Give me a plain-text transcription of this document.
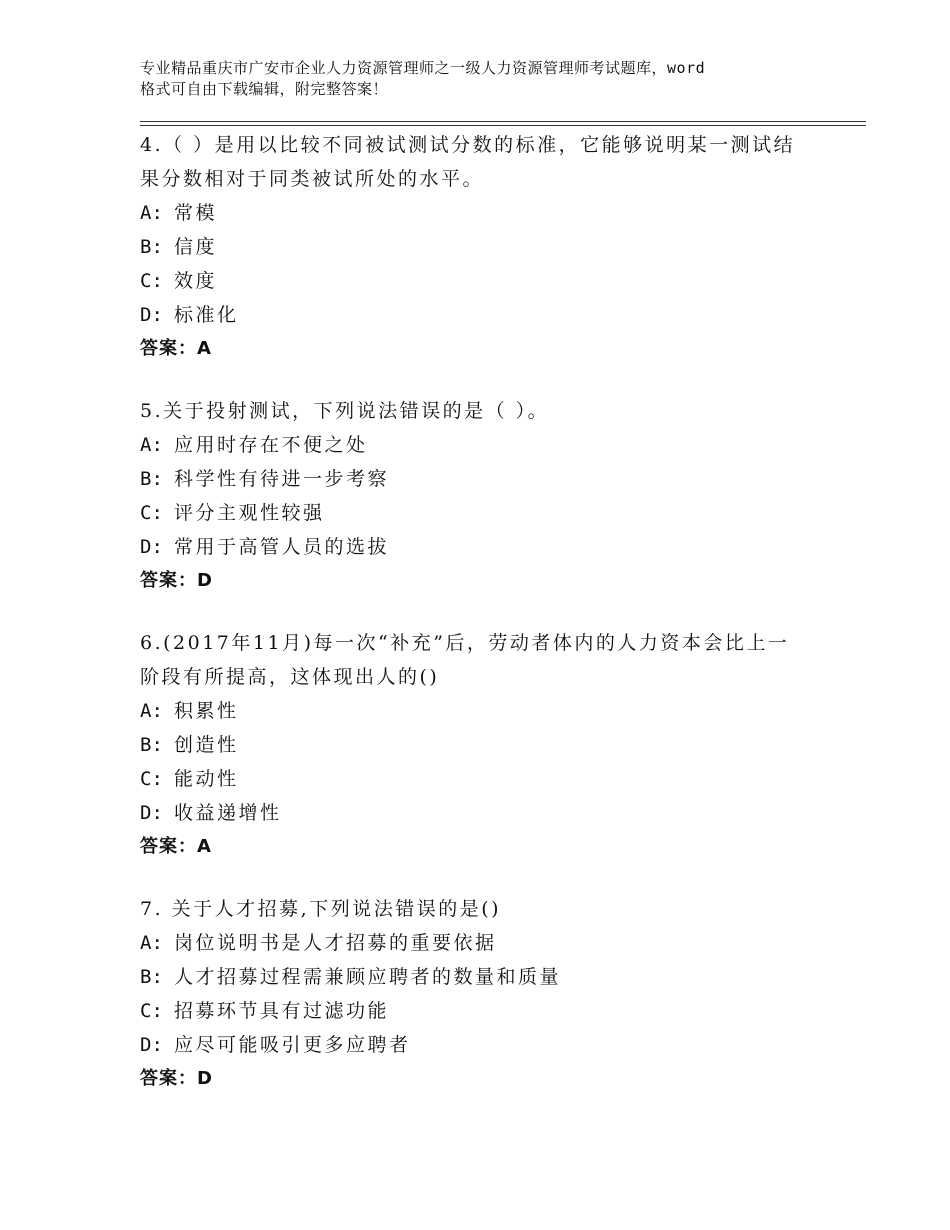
专业精品重庆市广安市企业人力资源管理师之一级人力资源管理师考试题库，word
格式可自由下载编辑，附完整答案！

4.（ ）是用以比较不同被试测试分数的标准，它能够说明某一测试结

果分数相对于同类被试所处的水平。

A: 常模

B: 信度

C: 效度

D: 标准化

答案：A

5.关于投射测试，下列说法错误的是（ ）。

A: 应用时存在不便之处

B: 科学性有待进一步考察

C: 评分主观性较强

D: 常用于高管人员的选拔

答案：D

6.(2017年11月)每一次“补充”后，劳动者体内的人力资本会比上一

阶段有所提高，这体现出人的()

A: 积累性

B: 创造性

C: 能动性

D: 收益递增性

答案：A

7. 关于人才招募,下列说法错误的是()

A: 岗位说明书是人才招募的重要依据

B: 人才招募过程需兼顾应聘者的数量和质量

C: 招募环节具有过滤功能

D: 应尽可能吸引更多应聘者

答案：D
